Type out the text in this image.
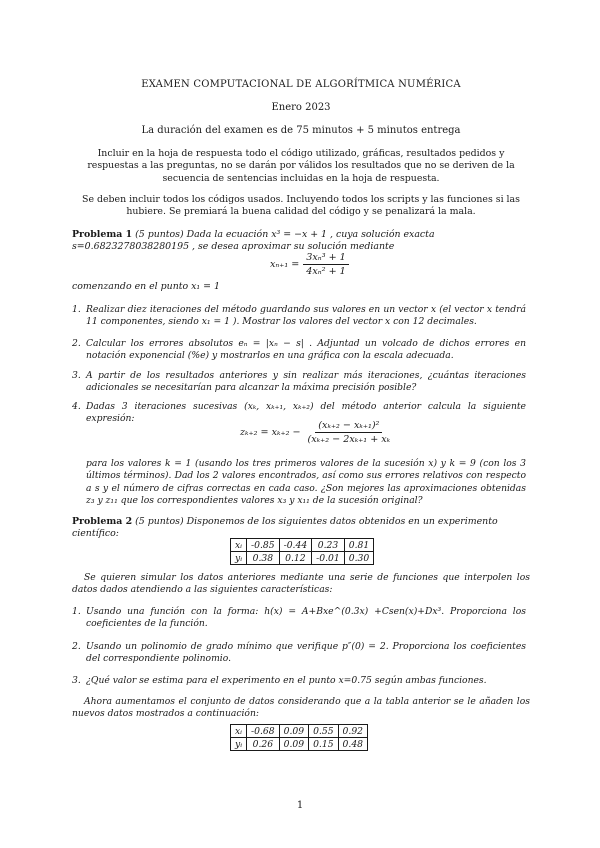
EXAMEN COMPUTACIONAL DE ALGORÍTMICA NUMÉRICA
Enero 2023
La duración del examen es de 75 minutos + 5 minutos entrega
Incluir en la hoja de respuesta todo el código utilizado, gráficas, resultados pedidos y respuestas a las preguntas, no se darán por válidos los resultados que no se deriven de la secuencia de sentencias incluidas en la hoja de respuesta.
Se deben incluir todos los códigos usados. Incluyendo todos los scripts y las funciones si las hubiere. Se premiará la buena calidad del código y se penalizará la mala.
Problema 1 (5 puntos) Dada la ecuación x³ = −x + 1 , cuya solución exacta s=0.6823278038280195 , se desea aproximar su solución mediante
$x_{n+1} = \frac{\text{3xₙ³ + 1}}{\text{4xₙ² + 1}}$
comenzando en el punto x₁ = 1
1. Realizar diez iteraciones del método guardando sus valores en un vector x (el vector x tendrá 11 componentes, siendo x₁ = 1 ). Mostrar los valores del vector x con 12 decimales.
2. Calcular los errores absolutos eₙ = |xₙ − s| . Adjuntad un volcado de dichos errores en notación exponencial (%e) y mostrarlos en una gráfica con la escala adecuada.
3. A partir de los resultados anteriores y sin realizar más iteraciones, ¿cuántas iteraciones adicionales se necesitarían para alcanzar la máxima precisión posible?
4. Dadas 3 iteraciones sucesivas (xₖ, xₖ₊₁, xₖ₊₂) del método anterior calcula la siguiente expresión:
$z_{k+2} = x_{k+2} - \frac{\text{(xₖ₊₂ − xₖ₊₁)²}}{\text{(xₖ₊₂ − 2xₖ₊₁ + xₖ}}$
para los valores k = 1 (usando los tres primeros valores de la sucesión x) y k = 9 (con los 3 últimos términos). Dad los 2 valores encontrados, así como sus errores relativos con respecto a s y el número de cifras correctas en cada caso. ¿Son mejores las aproximaciones obtenidas z₃ y z₁₁ que los correspondientes valores x₃ y x₁₁ de la sucesión original?
Problema 2 (5 puntos) Disponemos de los siguientes datos obtenidos en un experimento científico:
xᵢ	-0.85	-0.44	0.23	0.81
yᵢ	0.38	0.12	-0.01	0.30
Se quieren simular los datos anteriores mediante una serie de funciones que interpolen los datos dados atendiendo a las siguientes características:
1. Usando una función con la forma: h(x) = A+Bxe^(0.3x) +Csen(x)+Dx³. Proporciona los coeficientes de la función.
2. Usando un polinomio de grado mínimo que verifique p″(0) = 2. Proporciona los coeficientes del correspondiente polinomio.
3. ¿Qué valor se estima para el experimento en el punto x=0.75 según ambas funciones.
Ahora aumentamos el conjunto de datos considerando que a la tabla anterior se le añaden los nuevos datos mostrados a continuación:
xᵢ	-0.68	0.09	0.55	0.92
yᵢ	0.26	0.09	0.15	0.48
1
